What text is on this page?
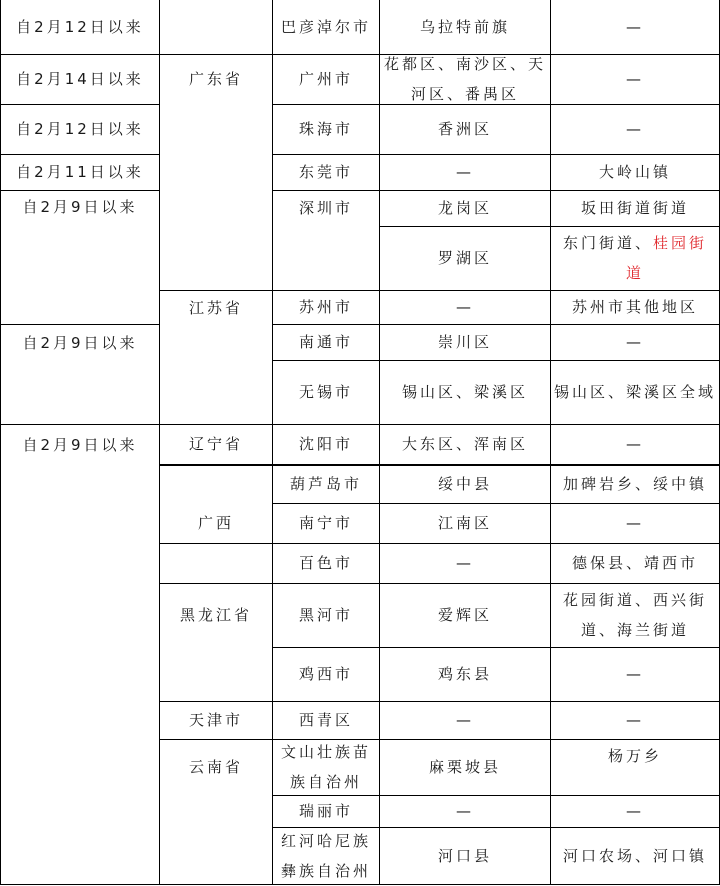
自2月12日以来
自2月14日以来
自2月12日以来
自2月11日以来
自2月9日以来
自2月9日以来
自2月9日以来
广东省
江苏省
辽宁省
广西
黑龙江省
天津市
云南省
巴彦淖尔市
广州市
珠海市
东莞市
深圳市
苏州市
南通市
无锡市
沈阳市
葫芦岛市
南宁市
百色市
黑河市
鸡西市
西青区
文山壮族苗族自治州
瑞丽市
红河哈尼族彝族自治州
乌拉特前旗
花都区、南沙区、天河区、番禺区
香洲区
—
龙岗区
罗湖区
—
崇川区
锡山区、梁溪区
大东区、浑南区
绥中县
江南区
—
爱辉区
鸡东县
—
麻栗坡县
—
河口县
—
—
—
大岭山镇
坂田街道街道
东门街道、桂园街道
苏州市其他地区
—
锡山区、梁溪区全域
—
加碑岩乡、绥中镇
—
德保县、靖西市
花园街道、西兴街道、海兰街道
—
—
杨万乡
—
河口农场、河口镇
